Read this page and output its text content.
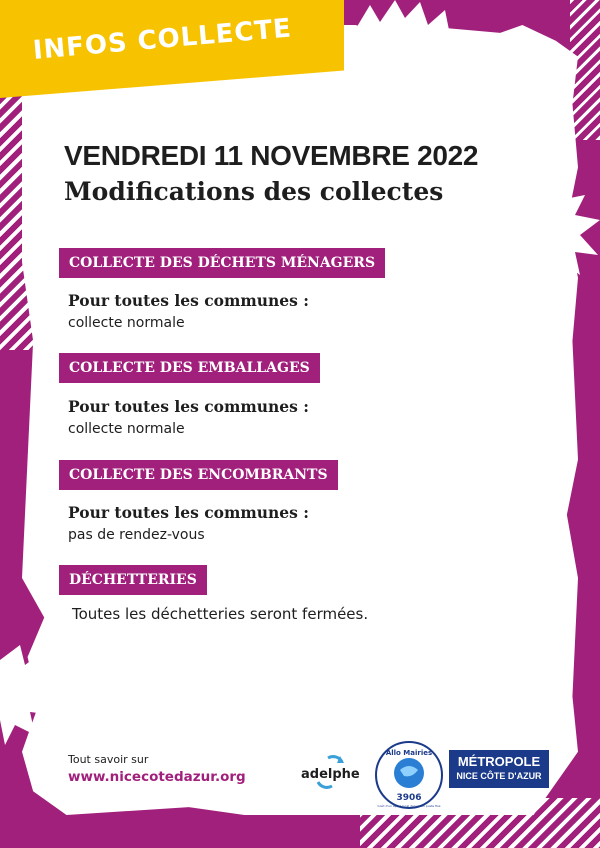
INFOS COLLECTE
VENDREDI 11 NOVEMBRE 2022
Modifications des collectes
COLLECTE DES DÉCHETS MÉNAGERS
Pour toutes les communes :
collecte normale
COLLECTE DES EMBALLAGES
Pour toutes les communes :
collecte normale
COLLECTE DES ENCOMBRANTS
Pour toutes les communes :
pas de rendez-vous
DÉCHETTERIES
Toutes les déchetteries seront fermées.
Tout savoir sur
www.nicecotedazur.org	adelphe
Allo Mairies
3906
Coût d'un appel local depuis un poste fixe
MÉTROPOLE
NICE CÔTE D'AZUR
